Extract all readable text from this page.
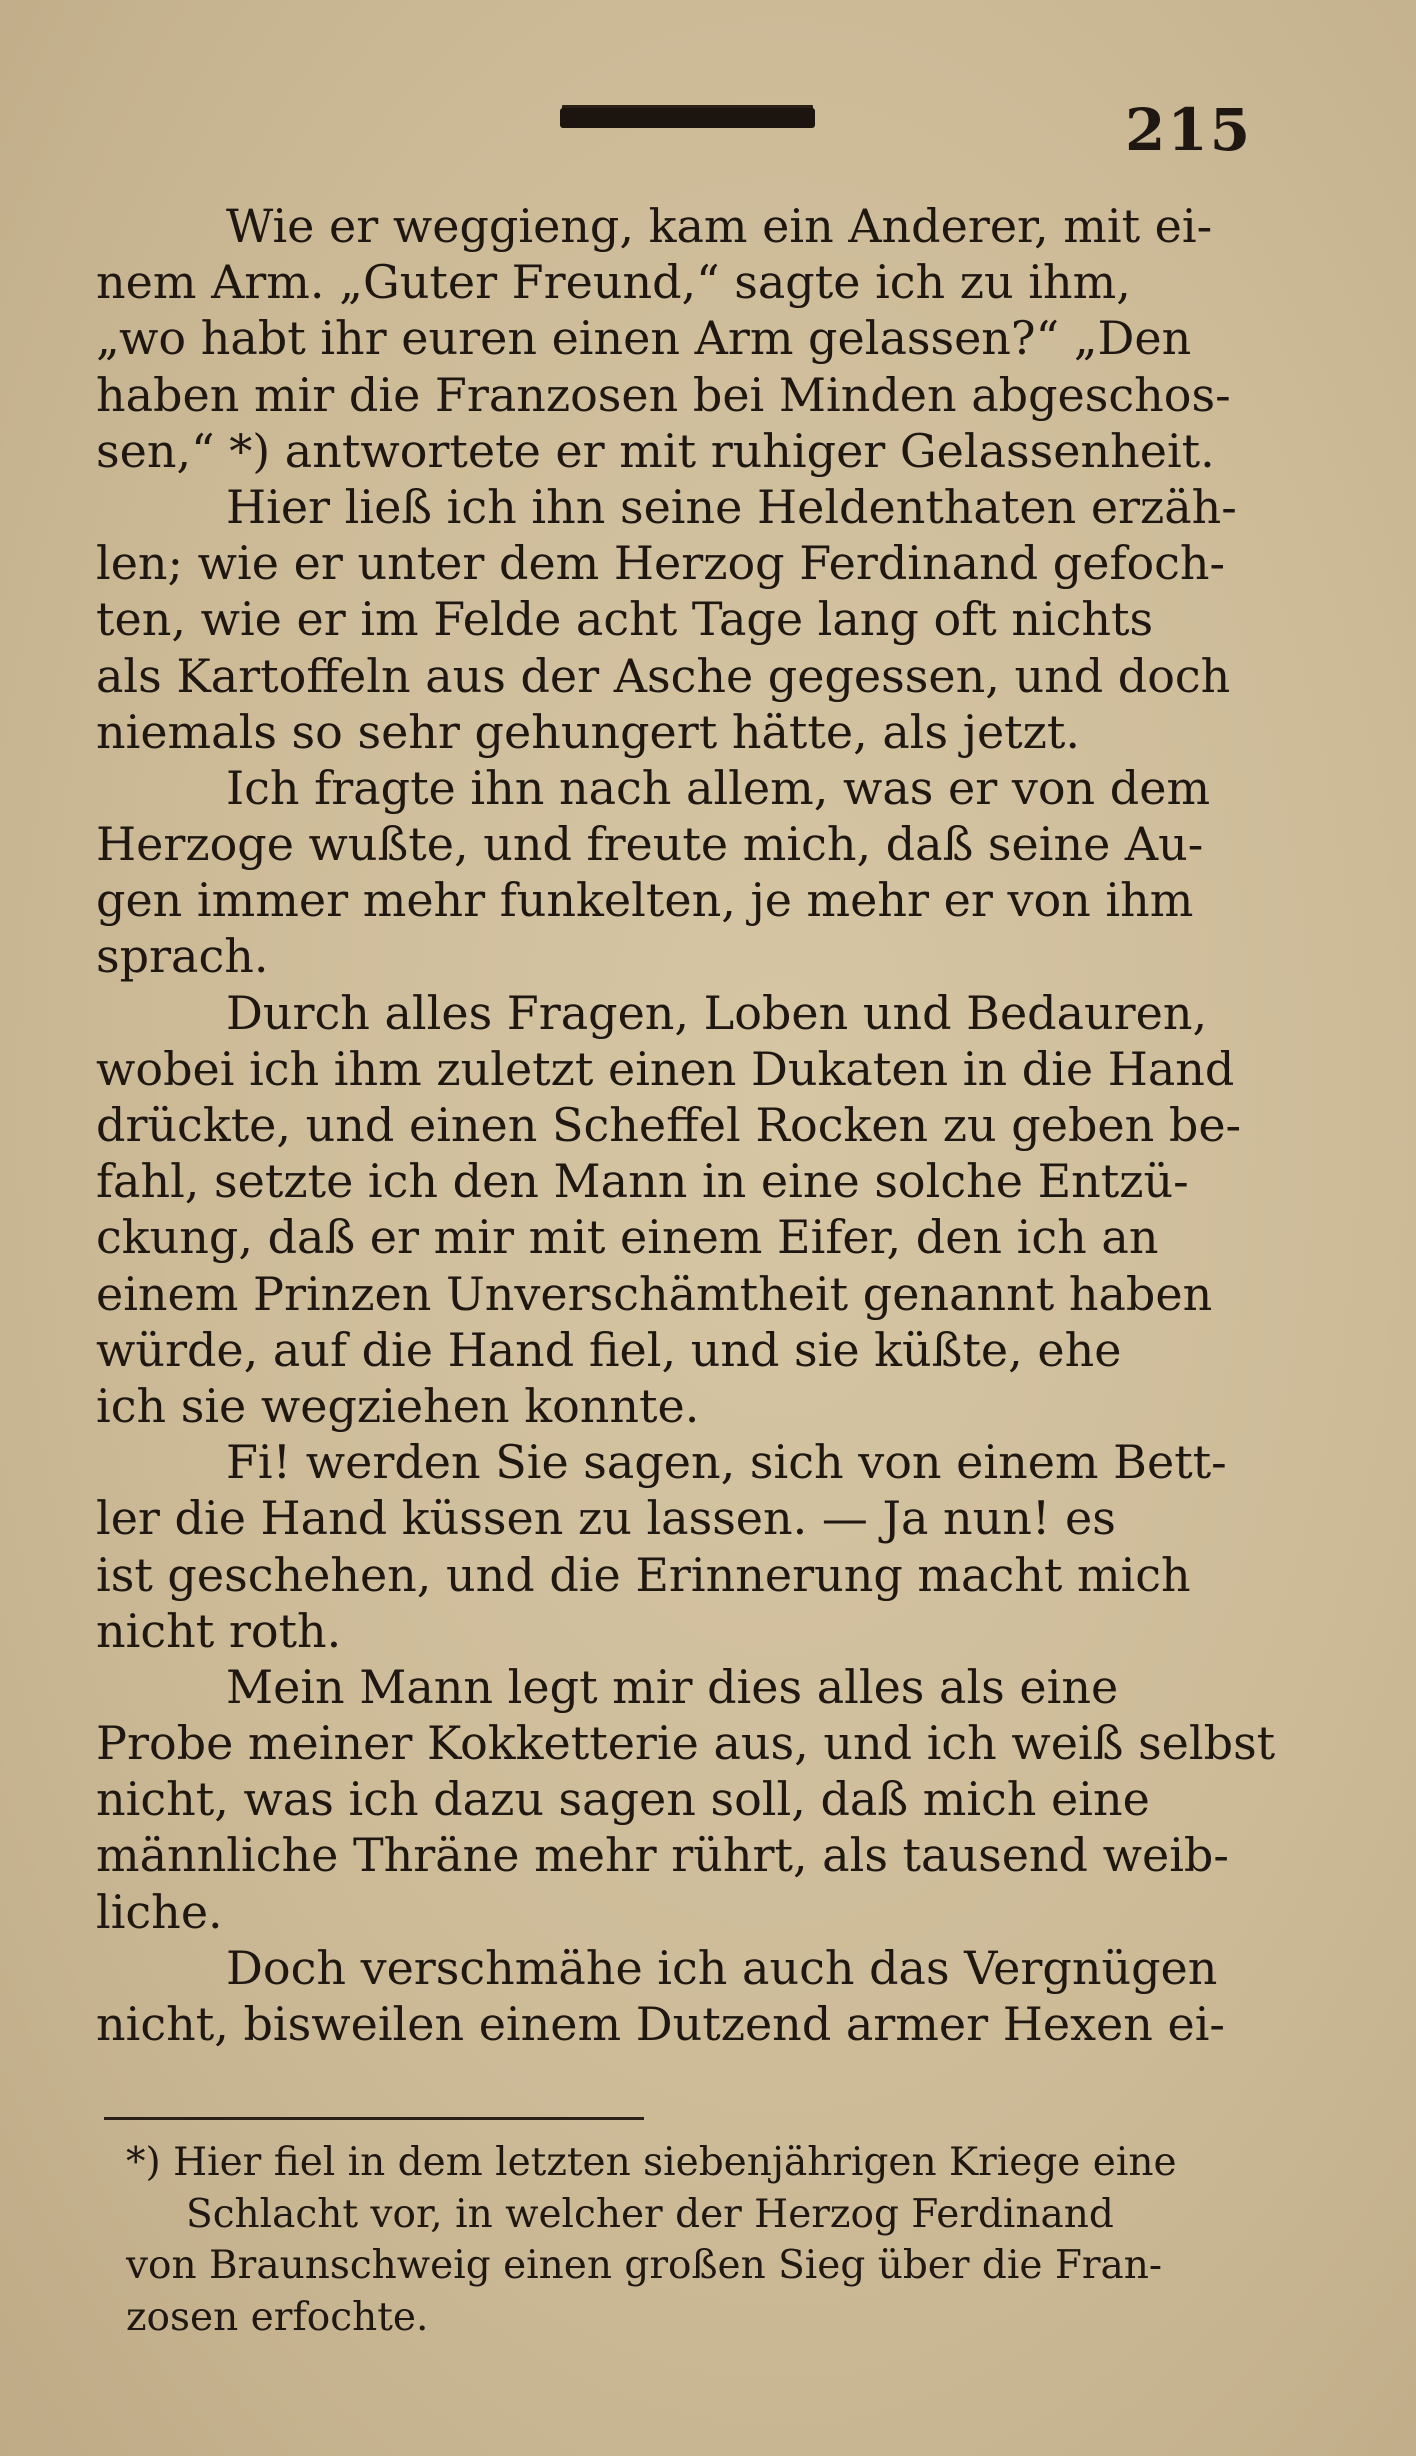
215
Wie er weggieng, kam ein Anderer, mit ei-
nem Arm. „Guter Freund,“ sagte ich zu ihm,
„wo habt ihr euren einen Arm gelassen?“ „Den
haben mir die Franzosen bei Minden abgeschos-
sen,“ *) antwortete er mit ruhiger Gelassenheit.
Hier ließ ich ihn seine Heldenthaten erzäh-
len; wie er unter dem Herzog Ferdinand gefoch-
ten, wie er im Felde acht Tage lang oft nichts
als Kartoffeln aus der Asche gegessen, und doch
niemals so sehr gehungert hätte, als jetzt.
Ich fragte ihn nach allem, was er von dem
Herzoge wußte, und freute mich, daß seine Au-
gen immer mehr funkelten, je mehr er von ihm
sprach.
Durch alles Fragen, Loben und Bedauren,
wobei ich ihm zuletzt einen Dukaten in die Hand
drückte, und einen Scheffel Rocken zu geben be-
fahl, setzte ich den Mann in eine solche Entzü-
ckung, daß er mir mit einem Eifer, den ich an
einem Prinzen Unverschämtheit genannt haben
würde, auf die Hand fiel, und sie küßte, ehe
ich sie wegziehen konnte.
Fi! werden Sie sagen, sich von einem Bett-
ler die Hand küssen zu lassen. — Ja nun! es
ist geschehen, und die Erinnerung macht mich
nicht roth.
Mein Mann legt mir dies alles als eine
Probe meiner Kokketterie aus, und ich weiß selbst
nicht, was ich dazu sagen soll, daß mich eine
männliche Thräne mehr rührt, als tausend weib-
liche.
Doch verschmähe ich auch das Vergnügen
nicht, bisweilen einem Dutzend armer Hexen ei-
*) Hier fiel in dem letzten siebenjährigen Kriege eine
Schlacht vor, in welcher der Herzog Ferdinand
von Braunschweig einen großen Sieg über die Fran-
zosen erfochte.
